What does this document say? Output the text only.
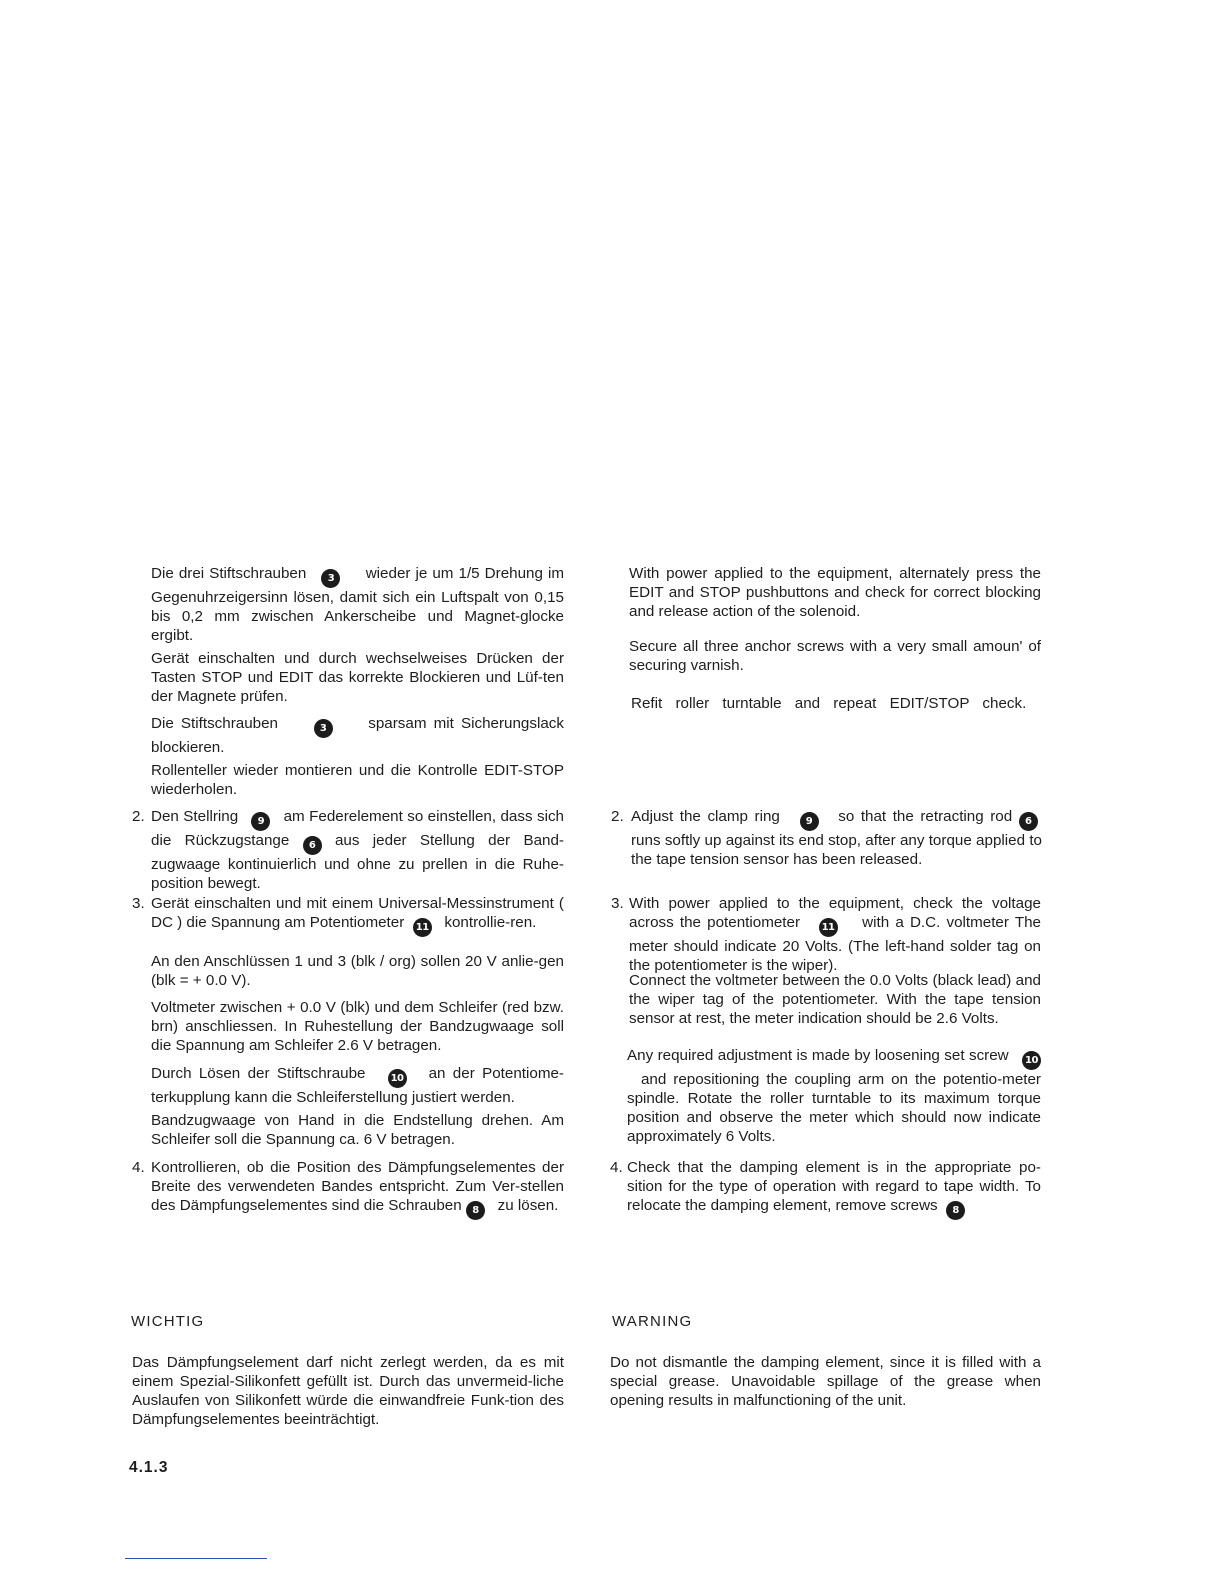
Die drei Stiftschrauben 3 wieder je um 1/5 Drehung im Gegenuhrzeigersinn lösen, damit sich ein Luftspalt von 0,15 bis 0,2 mm zwischen Ankerscheibe und Magnet-glocke ergibt.

Gerät einschalten und durch wechselweises Drücken der Tasten STOP und EDIT das korrekte Blockieren und Lüf-ten der Magnete prüfen.

Die Stiftschrauben	3	sparsam mit Sicherungslack blockieren.

Rollenteller wieder montieren und die Kontrolle EDIT-STOP wiederholen.

2. Den Stellring 9 am Federelement so einstellen, dass sich die Rückzugstange 6 aus jeder Stellung der Band-zugwaage kontinuierlich und ohne zu prellen in die Ruhe-position bewegt.

3. Gerät einschalten und mit einem Universal-Messinstrument ( DC ) die Spannung am Potentiometer 11 kontrollie-ren.

An den Anschlüssen 1 und 3 (blk / org) sollen 20 V anlie-gen (blk = + 0.0 V).

Voltmeter zwischen + 0.0 V (blk) und dem Schleifer (red bzw. brn) anschliessen. In Ruhestellung der Bandzugwaage soll die Spannung am Schleifer 2.6 V betragen.

Durch Lösen der Stiftschraube	10 an der Potentiome-terkupplung kann die Schleiferstellung justiert werden.

Bandzugwaage von Hand in die Endstellung drehen. Am Schleifer soll die Spannung ca. 6 V betragen.

4. Kontrollieren, ob die Position des Dämpfungselementes der Breite des verwendeten Bandes entspricht. Zum Ver-stellen des Dämpfungselementes sind die Schrauben 8 zu lösen.

WICHTIG

Das Dämpfungselement darf nicht zerlegt werden, da es mit einem Spezial-Silikonfett gefüllt ist. Durch das unvermeid-liche Auslaufen von Silikonfett würde die einwandfreie Funk-tion des Dämpfungselementes beeinträchtigt.

With power applied to the equipment, alternately press the EDIT and STOP pushbuttons and check for correct blocking and release action of the solenoid.

Secure all three anchor screws with a very small amoun' of securing varnish.

Refit roller turntable and repeat EDIT/STOP check.

2. Adjust the clamp ring	9 so that the retracting rod 6  runs softly up against its end stop, after any torque applied to the tape tension sensor has been released.

3. With power applied to the equipment, check the voltage across the potentiometer 11 with a D.C. voltmeter The meter should indicate 20 Volts. (The left-hand solder tag on the potentiometer is the wiper).

Connect the voltmeter between the 0.0 Volts (black lead) and the wiper tag of the potentiometer. With the tape tension sensor at rest, the meter indication should be 2.6 Volts.

Any required adjustment is made by loosening set screw 10  and repositioning the coupling arm on the potentio-meter spindle. Rotate the roller turntable to its maximum torque position and observe the meter which should now indicate approximately 6 Volts.

4. Check that the damping element is in the appropriate po-sition for the type of operation with regard to tape width. To relocate the damping element, remove screws 8

WARNING

Do not dismantle the damping element, since it is filled with a special grease. Unavoidable spillage of the grease when opening results in malfunctioning of the unit.

4.1.3
